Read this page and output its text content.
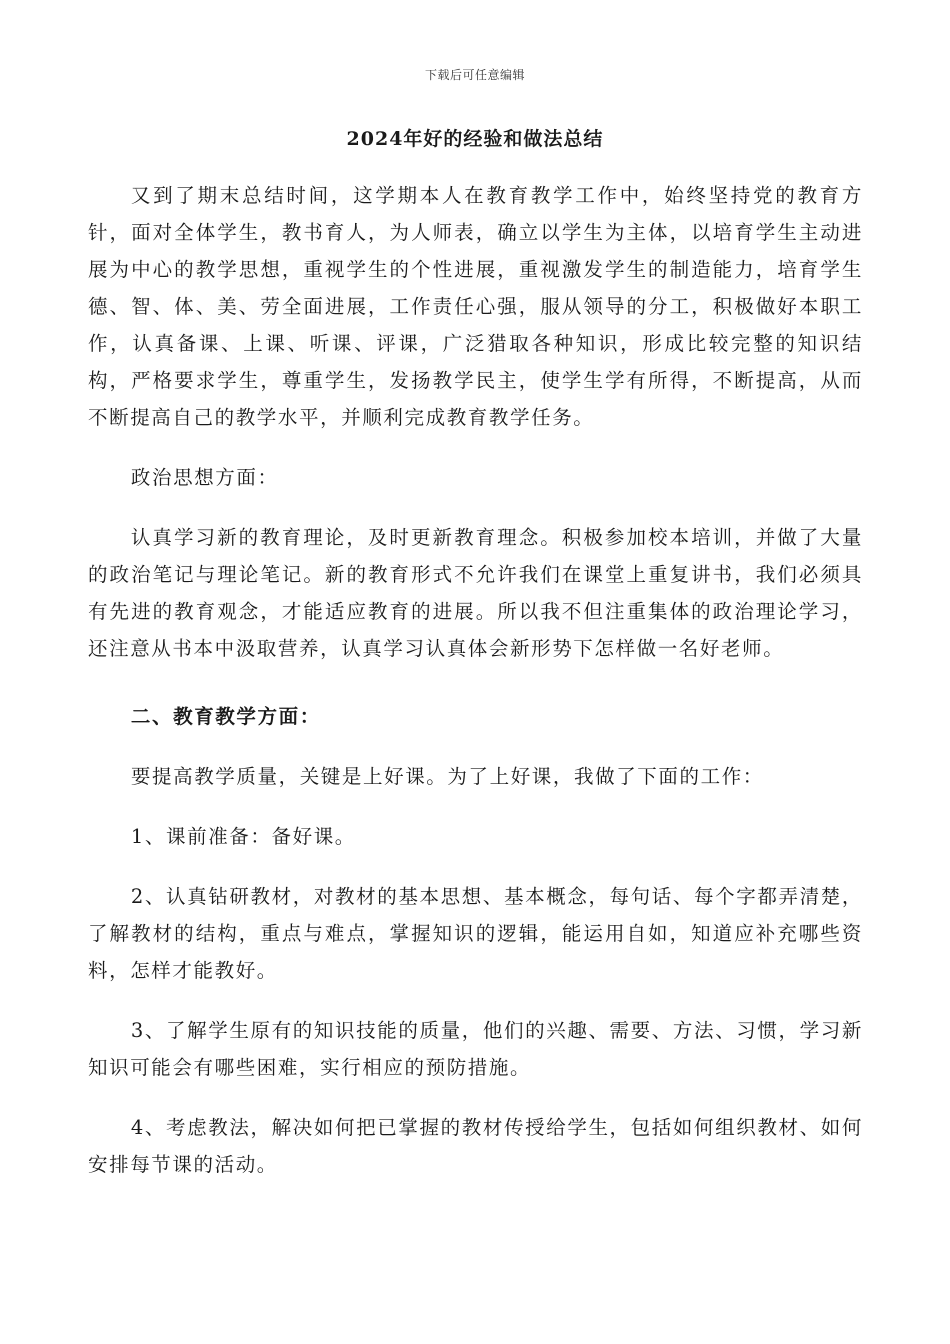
下载后可任意编辑
2024年好的经验和做法总结

又到了期末总结时间，这学期本人在教育教学工作中，始终坚持党的教育方针，面对全体学生，教书育人，为人师表，确立以学生为主体，以培育学生主动进展为中心的教学思想，重视学生的个性进展，重视激发学生的制造能力，培育学生德、智、体、美、劳全面进展，工作责任心强，服从领导的分工，积极做好本职工作，认真备课、上课、听课、评课，广泛猎取各种知识，形成比较完整的知识结构，严格要求学生，尊重学生，发扬教学民主，使学生学有所得，不断提高，从而不断提高自己的教学水平，并顺利完成教育教学任务。

政治思想方面：

认真学习新的教育理论，及时更新教育理念。积极参加校本培训，并做了大量的政治笔记与理论笔记。新的教育形式不允许我们在课堂上重复讲书，我们必须具有先进的教育观念，才能适应教育的进展。所以我不但注重集体的政治理论学习，还注意从书本中汲取营养，认真学习认真体会新形势下怎样做一名好老师。

二、教育教学方面：

要提高教学质量，关键是上好课。为了上好课，我做了下面的工作：

1、课前准备：备好课。

2、认真钻研教材，对教材的基本思想、基本概念，每句话、每个字都弄清楚，了解教材的结构，重点与难点，掌握知识的逻辑，能运用自如，知道应补充哪些资料，怎样才能教好。

3、了解学生原有的知识技能的质量，他们的兴趣、需要、方法、习惯，学习新知识可能会有哪些困难，实行相应的预防措施。

4、考虑教法，解决如何把已掌握的教材传授给学生，包括如何组织教材、如何安排每节课的活动。
